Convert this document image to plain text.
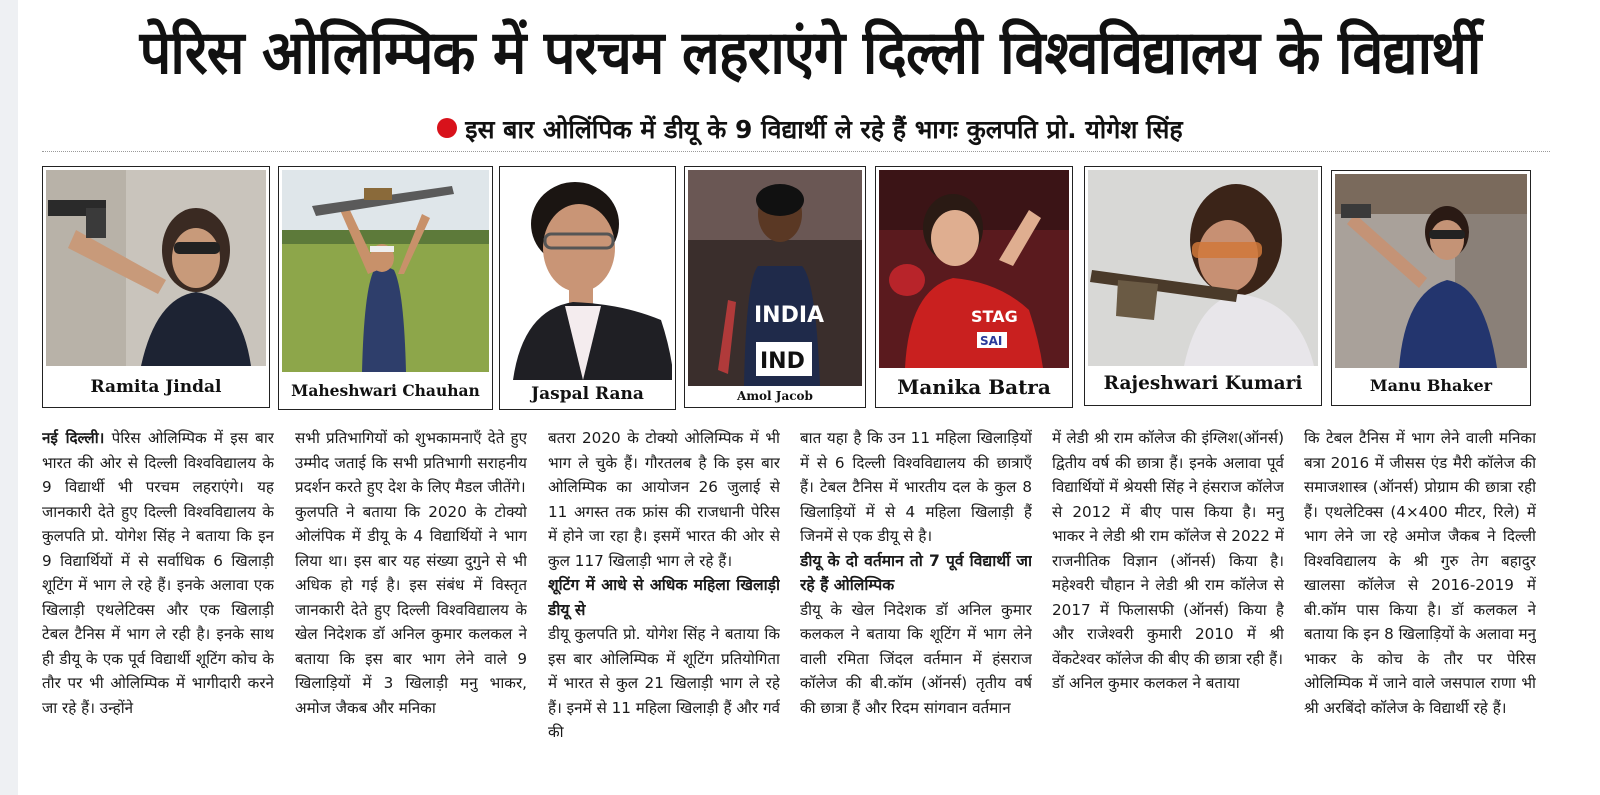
पेरिस ओलिम्पिक में परचम लहराएंगे दिल्ली विश्वविद्यालय के विद्यार्थी
इस बार ओलिंपिक में डीयू के 9 विद्यार्थी ले रहे हैं भागः कुलपति प्रो. योगेश सिंह
Ramita Jindal	Maheshwari Chauhan	Jaspal Rana
INDIA
IND
Amol Jacob
STAG
SAI
Manika Batra	Rajeshwari Kumari	Manu Bhaker

नई दिल्ली। पेरिस ओलिम्पिक में इस बार भारत की ओर से दिल्ली विश्वविद्यालय के 9 विद्यार्थी भी परचम लहराएंगे। यह जानकारी देते हुए दिल्ली विश्वविद्यालय के कुलपति प्रो. योगेश सिंह ने बताया कि इन 9 विद्यार्थियों में से सर्वाधिक 6 खिलाड़ी शूटिंग में भाग ले रहे हैं। इनके अलावा एक खिलाड़ी एथलेटिक्स और एक खिलाड़ी टेबल टैनिस में भाग ले रही है। इनके साथ ही डीयू के एक पूर्व विद्यार्थी शूटिंग कोच के तौर पर भी ओलिम्पिक में भागीदारी करने जा रहे हैं। उन्होंने

सभी प्रतिभागियों को शुभकामनाएँ देते हुए उम्मीद जताई कि सभी प्रतिभागी सराहनीय प्रदर्शन करते हुए देश के लिए मैडल जीतेंगे।

कुलपति ने बताया कि 2020 के टोक्यो ओलंपिक में डीयू के 4 विद्यार्थियों ने भाग लिया था। इस बार यह संख्या दुगुने से भी अधिक हो गई है। इस संबंध में विस्तृत जानकारी देते हुए दिल्ली विश्वविद्यालय के खेल निदेशक डॉ अनिल कुमार कलकल ने बताया कि इस बार भाग लेने वाले 9 खिलाड़ियों में 3 खिलाड़ी मनु भाकर, अमोज जैकब और मनिका

बतरा 2020 के टोक्यो ओलिम्पिक में भी भाग ले चुके हैं। गौरतलब है कि इस बार ओलिम्पिक का आयोजन 26 जुलाई से 11 अगस्त तक फ्रांस की राजधानी पेरिस में होने जा रहा है। इसमें भारत की ओर से कुल 117 खिलाड़ी भाग ले रहे हैं।

शूटिंग में आधे से अधिक महिला खिलाड़ी डीयू से

डीयू कुलपति प्रो. योगेश सिंह ने बताया कि इस बार ओलिम्पिक में शूटिंग प्रतियोगिता में भारत से कुल 21 खिलाड़ी भाग ले रहे हैं। इनमें से 11 महिला खिलाड़ी हैं और गर्व की

बात यहा है कि उन 11 महिला खिलाड़ियों में से 6 दिल्ली विश्वविद्यालय की छात्राएँ हैं। टेबल टैनिस में भारतीय दल के कुल 8 खिलाड़ियों में से 4 महिला खिलाड़ी हैं जिनमें से एक डीयू से है।

डीयू के दो वर्तमान तो 7 पूर्व विद्यार्थी जा रहे हैं ओलिम्पिक

डीयू के खेल निदेशक डॉ अनिल कुमार कलकल ने बताया कि शूटिंग में भाग लेने वाली रमिता जिंदल वर्तमान में हंसराज कॉलेज की बी.कॉम (ऑनर्स) तृतीय वर्ष की छात्रा हैं और रिदम सांगवान वर्तमान

में लेडी श्री राम कॉलेज की इंग्लिश(ऑनर्स) द्वितीय वर्ष की छात्रा हैं। इनके अलावा पूर्व विद्यार्थियों में श्रेयसी सिंह ने हंसराज कॉलेज से 2012 में बीए पास किया है। मनु भाकर ने लेडी श्री राम कॉलेज से 2022 में राजनीतिक विज्ञान (ऑनर्स) किया है। महेश्वरी चौहान ने लेडी श्री राम कॉलेज से 2017 में फिलासफी (ऑनर्स) किया है और राजेश्वरी कुमारी 2010 में श्री वेंकटेश्वर कॉलेज की बीए की छात्रा रही हैं।

डॉ अनिल कुमार कलकल ने बताया

कि टेबल टैनिस में भाग लेने वाली मनिका बत्रा 2016 में जीसस एंड मैरी कॉलेज की समाजशास्त्र (ऑनर्स) प्रोग्राम की छात्रा रही हैं। एथलेटिक्स (4×400 मीटर, रिले) में भाग लेने जा रहे अमोज जैकब ने दिल्ली विश्वविद्यालय के श्री गुरु तेग बहादुर खालसा कॉलेज से 2016-2019 में बी.कॉम पास किया है। डॉ कलकल ने बताया कि इन 8 खिलाड़ियों के अलावा मनु भाकर के कोच के तौर पर पेरिस ओलिम्पिक में जाने वाले जसपाल राणा भी श्री अरबिंदो कॉलेज के विद्यार्थी रहे हैं।
